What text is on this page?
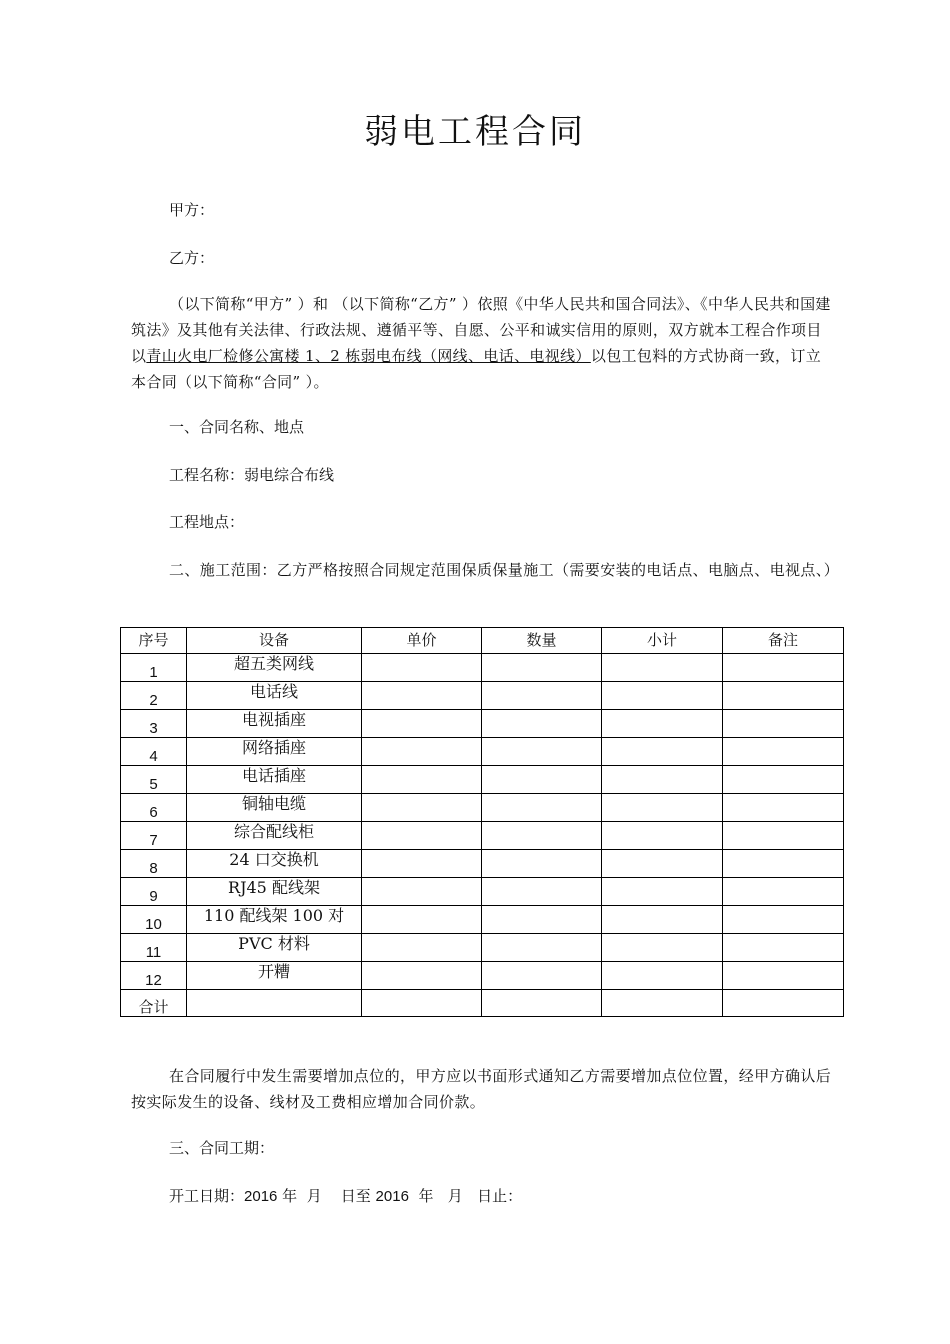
弱电工程合同
甲方：
乙方：
（以下简称“甲方” ）和 （以下简称“乙方” ）依照《中华人民共和国合同法》、《中华人民共和国建筑法》及其他有关法律、行政法规、遵循平等、自愿、公平和诚实信用的原则，双方就本工程合作项目以青山火电厂检修公寓楼 1、2 栋弱电布线（网线、电话、电视线）以包工包料的方式协商一致，订立本合同（以下简称“合同” ）。
一、合同名称、地点
工程名称：弱电综合布线
工程地点：
二、施工范围：乙方严格按照合同规定范围保质保量施工（需要安装的电话点、电脑点、电视点、）
序号	设备	单价	数量	小计	备注
1	超五类网线				
2	电话线				
3	电视插座				
4	网络插座				
5	电话插座				
6	铜轴电缆				
7	综合配线柜				
8	24 口交换机				
9	RJ45 配线架				
10	110 配线架 100 对				
11	PVC 材料				
12	开糟				
合计					
在合同履行中发生需要增加点位的，甲方应以书面形式通知乙方需要增加点位位置，经甲方确认后按实际发生的设备、线材及工费相应增加合同价款。
三、合同工期：
开工日期：2016 年  月    日至 2016  年   月   日止：
